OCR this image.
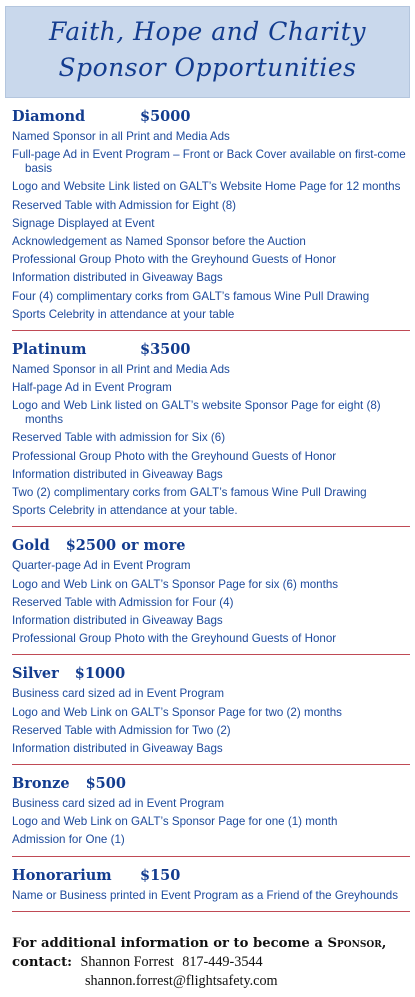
Faith, Hope and Charity
Sponsor Opportunities
Diamond	$5000
Named Sponsor in all Print and Media Ads
Full-page Ad in Event Program – Front or Back Cover available on first-come basis
Logo and Website Link listed on GALT’s Website Home Page for 12 months
Reserved Table with Admission for Eight (8)
Signage Displayed at Event
Acknowledgement as Named Sponsor before the Auction
Professional Group Photo with the Greyhound Guests of Honor
Information distributed in Giveaway Bags
Four (4) complimentary corks from GALT’s famous Wine Pull Drawing
Sports Celebrity in attendance at your table
Platinum	$3500
Named Sponsor in all Print and Media Ads
Half-page Ad in Event Program
Logo and Web Link listed on GALT’s website Sponsor Page for eight (8) months
Reserved Table with admission for Six (6)
Professional Group Photo with the Greyhound Guests of Honor
Information distributed in Giveaway Bags
Two (2) complimentary corks from GALT’s famous Wine Pull Drawing
Sports Celebrity in attendance at your table.
Gold $2500 or more
Quarter-page Ad in Event Program
Logo and Web Link on GALT’s Sponsor Page for six (6) months
Reserved Table with Admission for Four (4)
Information distributed in Giveaway Bags
Professional Group Photo with the Greyhound Guests of Honor
Silver $1000
Business card sized ad in Event Program
Logo and Web Link on GALT’s Sponsor Page for two (2) months
Reserved Table with Admission for Two (2)
Information distributed in Giveaway Bags
Bronze $500
Business card sized ad in Event Program
Logo and Web Link on GALT’s Sponsor Page for one (1) month
Admission for One (1)
Honorarium $150
Name or Business printed in Event Program as a Friend of the Greyhounds
For additional information or to become a Sponsor,
contact: Shannon Forrest 817-449-3544
shannon.forrest@flightsafety.com
